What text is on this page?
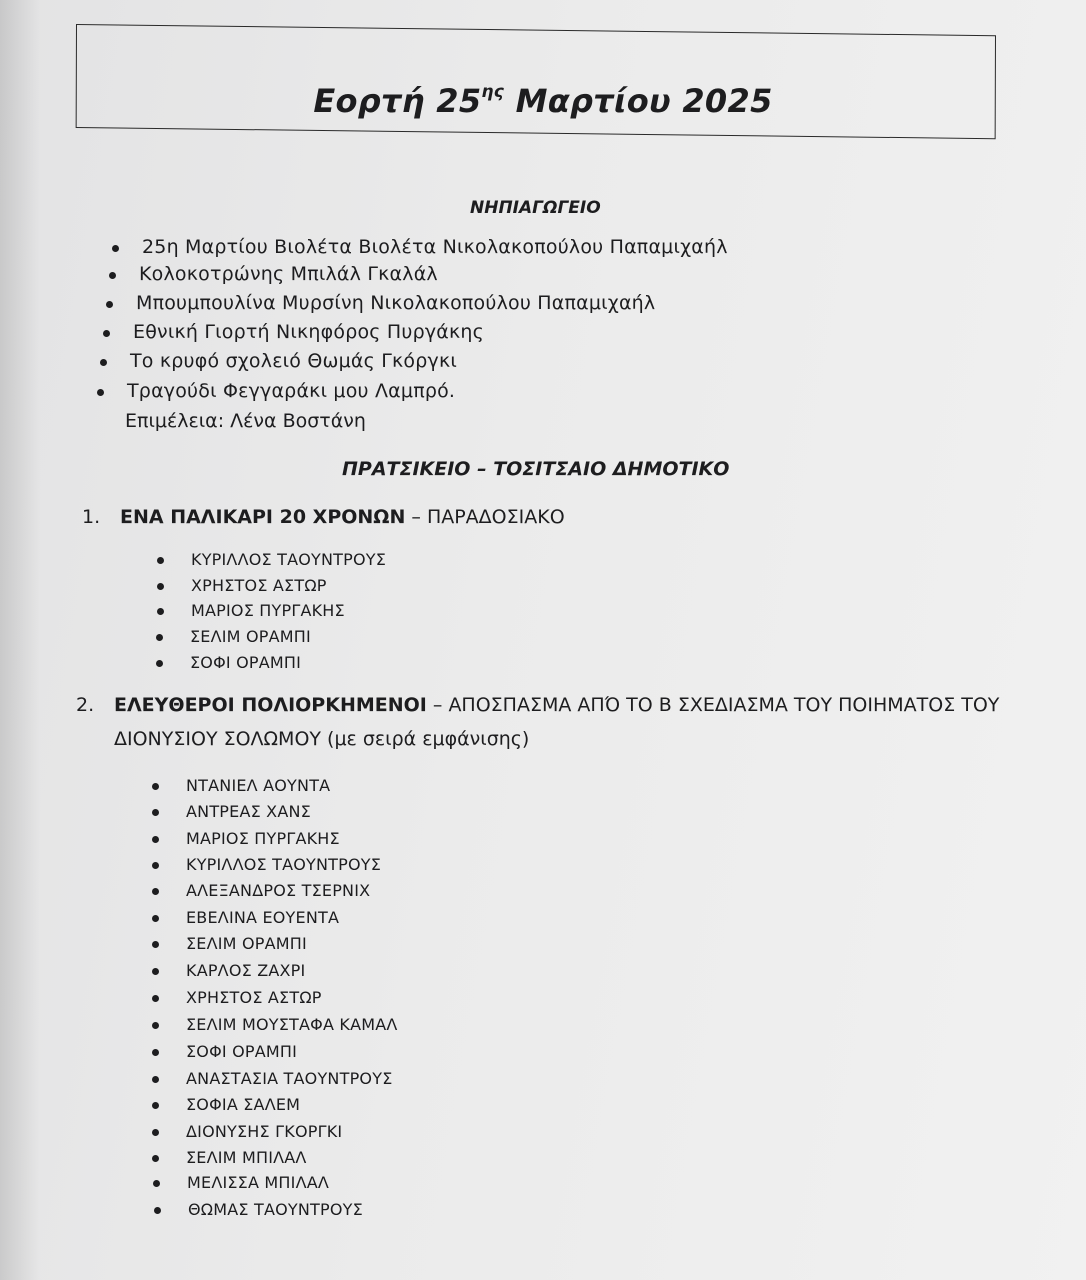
Εορτή $25^{\eta\varsigma}$ Μαρτίου 2025
ΝΗΠΙΑΓΩΓΕΙΟ
25η Μαρτίου Βιολέτα Βιολέτα Νικολακοπούλου Παπαμιχαήλ
Κολοκοτρώνης Μπιλάλ Γκαλάλ
Μπουμπουλίνα Μυρσίνη Νικολακοπούλου Παπαμιχαήλ
Εθνική Γιορτή Νικηφόρος Πυργάκης
Το κρυφό σχολειό Θωμάς Γκόργκι
Τραγούδι Φεγγαράκι μου Λαμπρό.
Επιμέλεια: Λένα Βοστάνη
ΠΡΑΤΣΙΚΕΙΟ – ΤΟΣΙΤΣΑΙΟ ΔΗΜΟΤΙΚΟ
1. ΕΝΑ ΠΑΛΙΚΑΡΙ 20 ΧΡΟΝΩΝ – ΠΑΡΑΔΟΣΙΑΚΟ
ΚΥΡΙΛΛΟΣ ΤΑΟΥΝΤΡΟΥΣ
ΧΡΗΣΤΟΣ ΑΣΤΩΡ
ΜΑΡΙΟΣ ΠΥΡΓΑΚΗΣ
ΣΕΛΙΜ ΟΡΑΜΠΙ
ΣΟΦΙ ΟΡΑΜΠΙ
2. ΕΛΕΥΘΕΡΟΙ ΠΟΛΙΟΡΚΗΜΕΝΟΙ – ΑΠΟΣΠΑΣΜΑ ΑΠΌ ΤΟ Β ΣΧΕΔΙΑΣΜΑ ΤΟΥ ΠΟΙΗΜΑΤΟΣ ΤΟΥ
ΔΙΟΝΥΣΙΟΥ ΣΟΛΩΜΟΥ (με σειρά εμφάνισης)
ΝΤΑΝΙΕΛ ΑΟΥΝΤΑ
ΑΝΤΡΕΑΣ ΧΑΝΣ
ΜΑΡΙΟΣ ΠΥΡΓΑΚΗΣ
ΚΥΡΙΛΛΟΣ ΤΑΟΥΝΤΡΟΥΣ
ΑΛΕΞΑΝΔΡΟΣ ΤΣΕΡΝΙΧ
ΕΒΕΛΙΝΑ ΕΟΥΕΝΤΑ
ΣΕΛΙΜ ΟΡΑΜΠΙ
ΚΑΡΛΟΣ ΖΑΧΡΙ
ΧΡΗΣΤΟΣ ΑΣΤΩΡ
ΣΕΛΙΜ ΜΟΥΣΤΑΦΑ ΚΑΜΑΛ
ΣΟΦΙ ΟΡΑΜΠΙ
ΑΝΑΣΤΑΣΙΑ ΤΑΟΥΝΤΡΟΥΣ
ΣΟΦΙΑ ΣΑΛΕΜ
ΔΙΟΝΥΣΗΣ ΓΚΟΡΓΚΙ
ΣΕΛΙΜ ΜΠΙΛΑΛ
ΜΕΛΙΣΣΑ ΜΠΙΛΑΛ
ΘΩΜΑΣ ΤΑΟΥΝΤΡΟΥΣ
